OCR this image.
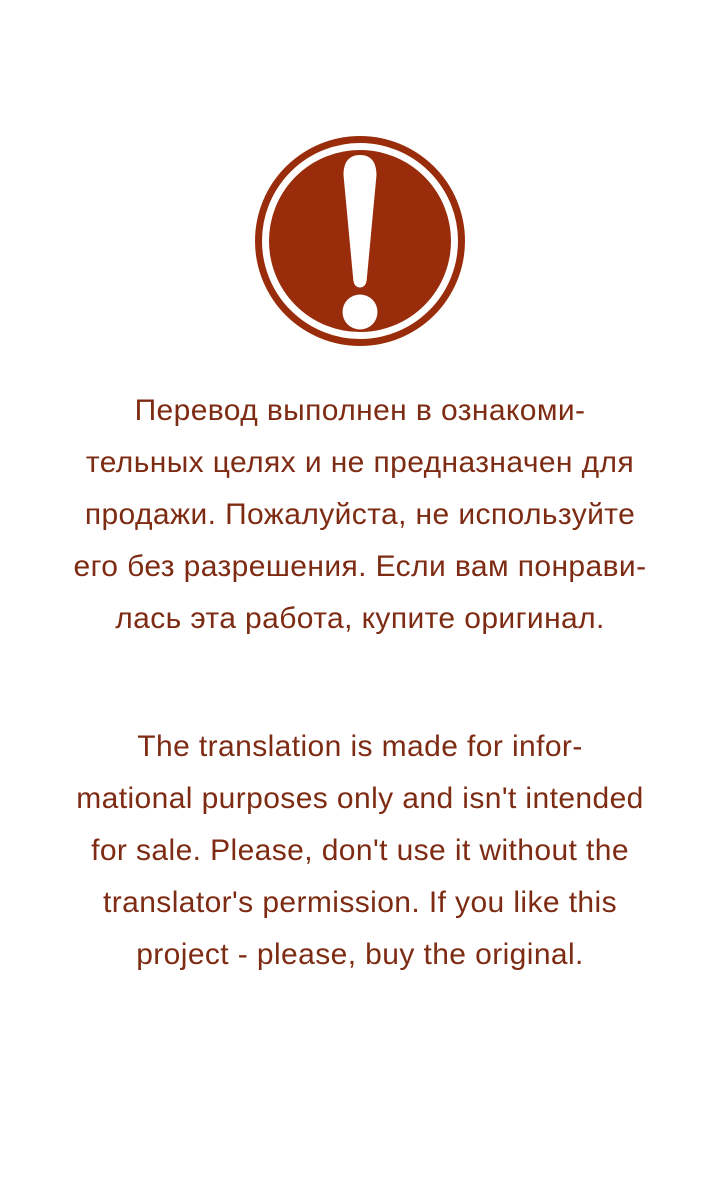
Перевод выполнен в ознакоми-
тельных целях и не предназначен для
продажи. Пожалуйста, не используйте
его без разрешения. Если вам понрави-
лась эта работа, купите оригинал.
The translation is made for infor-
mational purposes only and isn't intended
for sale. Please, don't use it without the
translator's permission. If you like this
project - please, buy the original.
